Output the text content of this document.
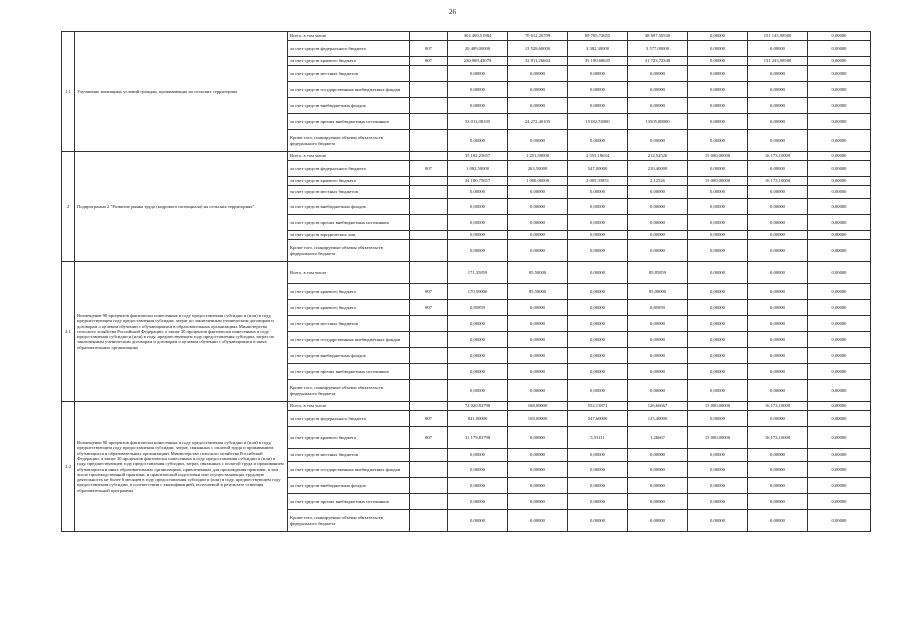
26
1.1	Улучшение жилищных условий граждан, проживающих на сельских территориях	Всего, в том числе		304 469,51884	70 612,26709	69 705,72655	48 697,50540	0,00000	151 145,98500	0,00000
		за счет средств федерального бюджета	807	20 489,00000	13 528,60000	3 382,30000	3 577,00000	0,00000	0,00000	0,00000
		за счет средств краевого бюджета	807	230 969,43079	32 811,26604	35 190,68635	31 723,72340	0,00000	131 243,98500	0,00000
		за счет средств местных бюджетов		0,00000	0,00000	0,00000	0,00000	0,00000	0,00000	0,00000
		за счет средств государственных внебюджетных фондов		0,00000	0,00000	0,00000	0,00000	0,00000	0,00000	0,00000
		за счет средств внебюджетных фондов		0,00000	0,00000	0,00000	0,00000	0,00000	0,00000	0,00000
		за счет средств прочих внебюджетных источников		53 011,08105	24 272,40105	15182,74000	13505,88000	0,00000	0,00000	0,00000
		Кроме того, планируемые объемы обязательств федерального бюджета		0,00000	0,00000	0,00000	0,00000	0,00000	0,00000	0,00000
2	Подпрограмма 2 "Развитие рынка труда (кадрового потенциала) на сельских территориях"	Всего, в том числе		35 102,25657	1 251,50000	2 553,18634	212,52526	15 000,00000	16 173,10000	0,00000
		за счет средств федерального бюджета	807	1 082,50000	263,50000	547,00000	210,40000	0,00000	0,00000	0,00000
		за счет средств краевого бюджета		34 180,75657	1 000,00000	2 005,33851	2,12526	15 000,00000	16 173,10000	0,00000
		за счет средств местных бюджетов		0,00000	0,00000	0,00000	0,00000	0,00000	0,00000	0,00000
		за счет средств внебюджетных фондов		0,00000	0,00000	0,00000	0,00000	0,00000	0,00000	0,00000
		за счет средств прочих внебюджетных источников		0,00000	0,00000	0,00000	0,00000	0,00000	0,00000	0,00000
		за счет средств юридических лиц		0,00000	0,00000	0,00000	0,00000	0,00000	0,00000	0,00000
		Кроме того, планируемые объемы обязательств федерального бюджета		0,00000	0,00000	0,00000	0,00000	0,00000	0,00000	0,00000
2.1	Возмещение 90 процентов фактически понесенных в году предоставления субсидии и (или) в году, предшествующем году предоставления субсидии, затрат по заключенным ученическим договорам и договорам о целевом обучении с обучающимися в образовательных организациях Министерства сельского хозяйства Российской Федерации, а также 30 процентов фактически понесенных в году предоставления субсидии и (или) в году, предшествующем году предоставления субсидии, затрат по заключенным ученическим договорам и договорам о целевом обучении с обучающимися в иных образовательных организациях	Всего, в том числе		171,35859	85,50000	0,00000	85,85859	0,00000	0,00000	0,00000
		за счет средств краевого бюджета	807	170,50000	85,50000	0,00000	85,00000	0,00000	0,00000	0,00000
		за счет средств краевого бюджета	807	0,85859	0,00000	0,00000	0,85859	0,00000	0,00000	0,00000
		за счет средств местных бюджетов		0,00000	0,00000	0,00000	0,00000	0,00000	0,00000	0,00000
		за счет средств государственных внебюджетных фондов		0,00000	0,00000	0,00000	0,00000	0,00000	0,00000	0,00000
		за счет средств внебюджетных фондов		0,00000	0,00000	0,00000	0,00000	0,00000	0,00000	0,00000
		за счет средств прочих внебюджетных источников		0,00000	0,00000	0,00000	0,00000	0,00000	0,00000	0,00000
		Кроме того, планируемые объемы обязательств федерального бюджета		0,00000	0,00000	0,00000	0,00000	0,00000	0,00000	0,00000
2.2	Возмещение 90 процентов фактически понесенных в году предоставления субсидии и (или) в году, предшествующем году предоставления субсидии, затрат, связанных с оплатой труда и проживанием обучающихся в образовательных организациях Министерства сельского хозяйства Российской Федерации, а также 30 процентов фактически понесенных в году предоставления субсидии и (или) в году, предшествующем году предоставления субсидии, затрат, связанных с оплатой труда и проживанием обучающихся в иных образовательных организациях, привлеченных для прохождения практики, в том числе производственной практики, и практической подготовки или осуществляющих трудовую деятельность не более 6 месяцев в году предоставления субсидии и (или) в году, предшествующем году предоставления субсидии, в соответствии с квалификацией, получаемой в результате освоения образовательной программы	Всего, в том числе		72 020,83798	168,00000	552,13871	126,66667	15 000,00000	16 173,10000	0,00000
		за счет средств федерального бюджета	807	841,00000	168,00000	547,60000	125,40000	0,00000	0,00000	0,00000
		за счет средств краевого бюджета	807	31 179,83798	0,00000	5,53111	1,26667	15 000,00000	16 173,10000	0,00000
		за счет средств местных бюджетов		0,00000	0,00000	0,00000	0,00000	0,00000	0,00000	0,00000
		за счет средств государственных внебюджетных фондов		0,00000	0,00000	0,00000	0,00000	0,00000	0,00000	0,00000
		за счет средств внебюджетных фондов		0,00000	0,00000	0,00000	0,00000	0,00000	0,00000	0,00000
		за счет средств прочих внебюджетных источников		0,00000	0,00000	0,00000	0,00000	0,00000	0,00000	0,00000
		Кроме того, планируемые объемы обязательств федерального бюджета		0,00000	0,00000	0,00000	0,00000	0,00000	0,00000	0,00000
